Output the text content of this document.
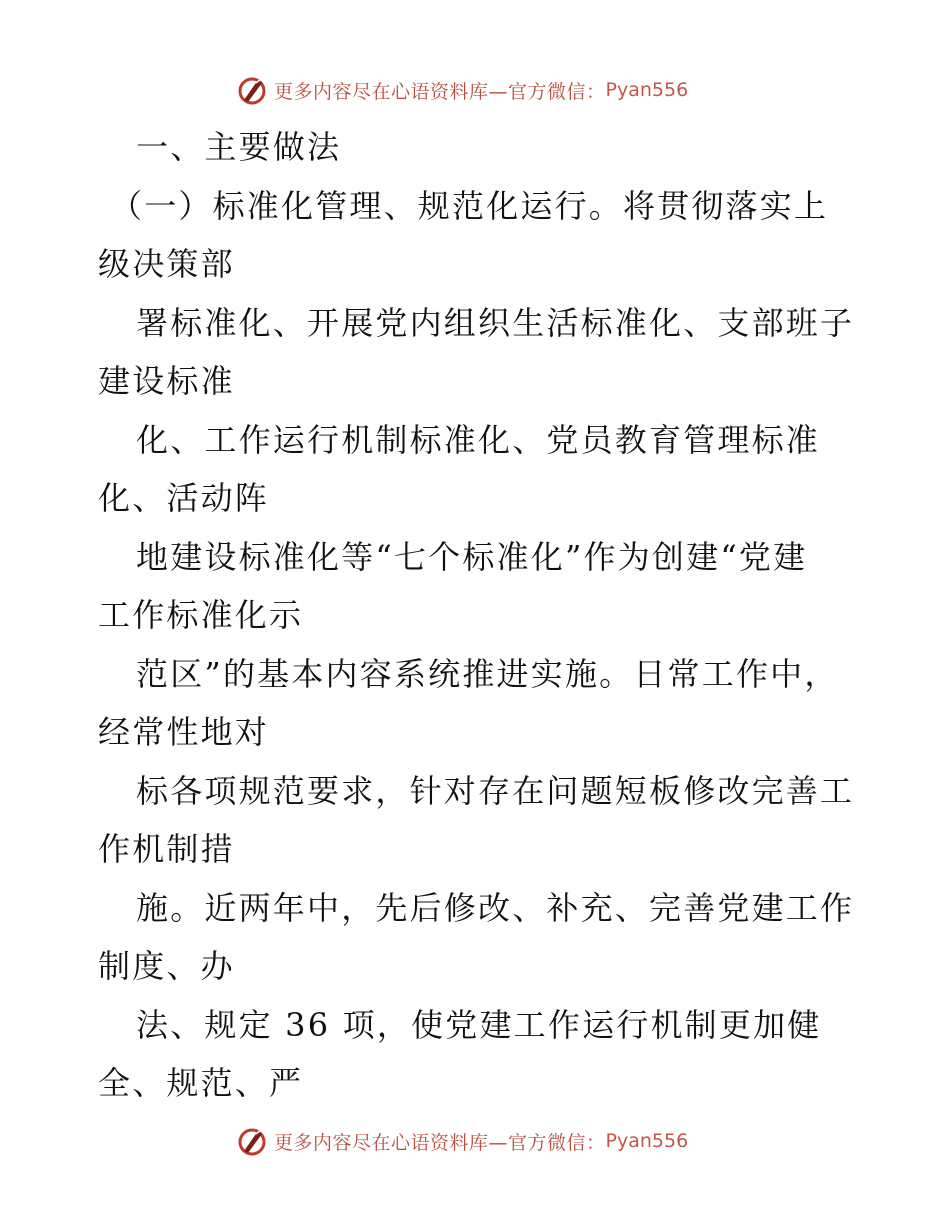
更多内容尽在心语资料库—官方微信： Pyan556
一、主要做法
（一）标准化管理、规范化运行。将贯彻落实上
级决策部
署标准化、开展党内组织生活标准化、支部班子
建设标准
化、工作运行机制标准化、党员教育管理标准
化、活动阵
地建设标准化等“七个标准化”作为创建“党建
工作标准化示
范区”的基本内容系统推进实施。日常工作中，
经常性地对
标各项规范要求，针对存在问题短板修改完善工
作机制措
施。近两年中，先后修改、补充、完善党建工作
制度、办
法、规定 36 项，使党建工作运行机制更加健
全、规范、严
更多内容尽在心语资料库—官方微信： Pyan556
